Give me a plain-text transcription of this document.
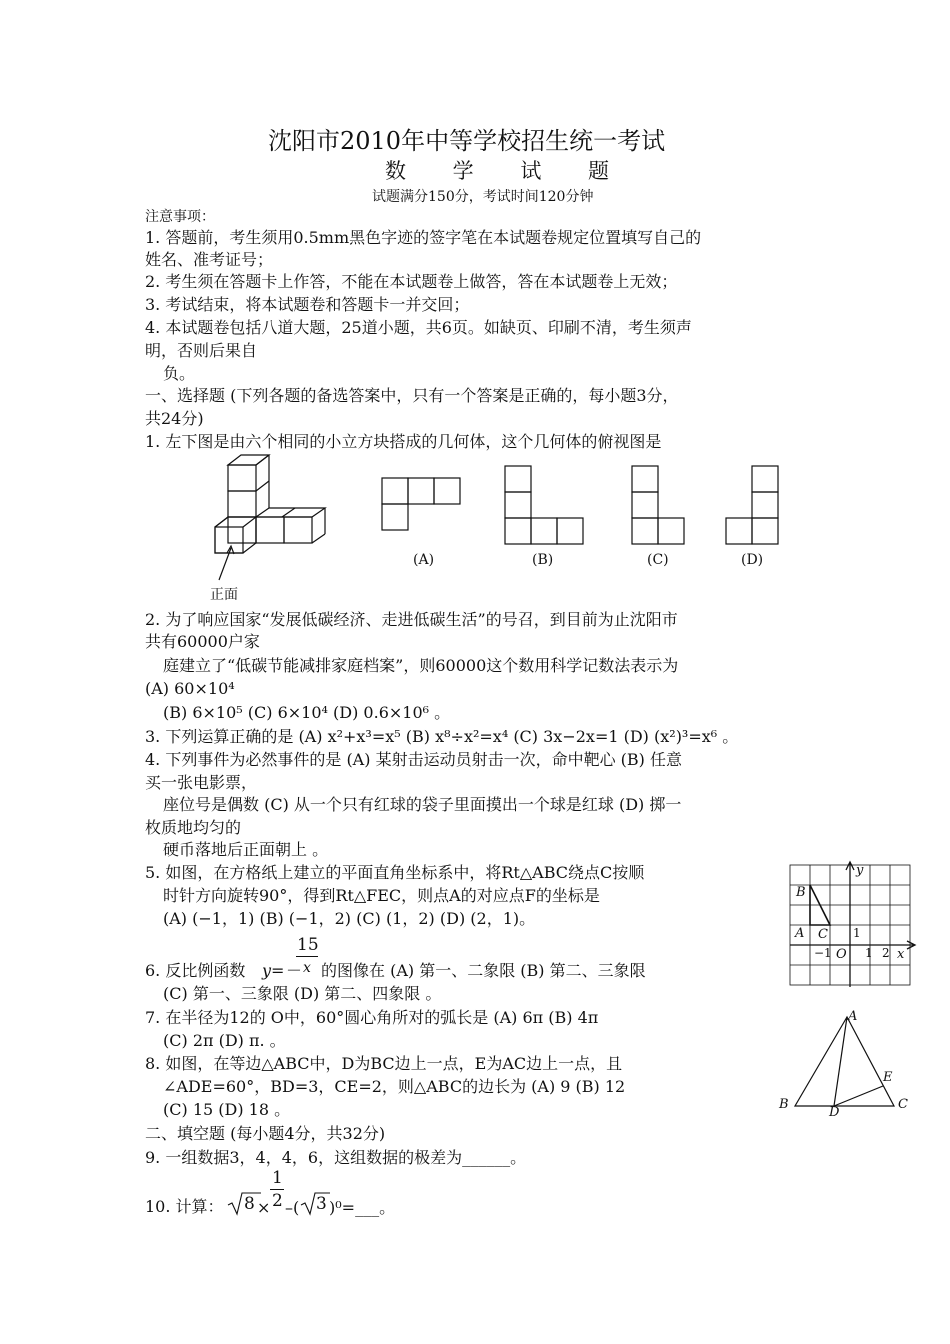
沈阳市2010年中等学校招生统一考试
数 学 试 题
试题满分150分，考试时间120分钟
注意事项：
1. 答题前，考生须用0.5mm黑色字迹的签字笔在本试题卷规定位置填写自己的
姓名、准考证号；
2. 考生须在答题卡上作答，不能在本试题卷上做答，答在本试题卷上无效；
3. 考试结束，将本试题卷和答题卡一并交回；
4. 本试题卷包括八道大题，25道小题，共6页。如缺页、印刷不清，考生须声
明，否则后果自
负。
一、选择题 (下列各题的备选答案中，只有一个答案是正确的，每小题3分，
共24分)
1. 左下图是由六个相同的小立方块搭成的几何体，这个几何体的俯视图是
正面
(A)	(B)	(C)	(D)
2. 为了响应国家“发展低碳经济、走进低碳生活”的号召，到目前为止沈阳市
共有60000户家
庭建立了“低碳节能减排家庭档案”，则60000这个数用科学记数法表示为
(A) 60×10⁴
(B) 6×10⁵ (C) 6×10⁴ (D) 0.6×10⁶ 。
3. 下列运算正确的是 (A) x²+x³=x⁵ (B) x⁸÷x²=x⁴ (C) 3x−2x=1 (D) (x²)³=x⁶ 。
4. 下列事件为必然事件的是 (A) 某射击运动员射击一次，命中靶心 (B) 任意
买一张电影票，
座位号是偶数 (C) 从一个只有红球的袋子里面摸出一个球是红球 (D) 掷一
枚质地均匀的
硬币落地后正面朝上 。
5. 如图，在方格纸上建立的平面直角坐标系中，将Rt△ABC绕点C按顺
时针方向旋转90°，得到Rt△FEC，则点A的对应点F的坐标是
(A) (−1，1) (B) (−1，2) (C) (1，2) (D) (2，1)。
y
x
B
A C
O
−1
1
1 2
6. 反比例函数 y=－
15
x 的图像在 (A) 第一、二象限 (B) 第二、三象限
(C) 第一、三象限 (D) 第二、四象限 。
7. 在半径为12的 O中，60°圆心角所对的弧长是 (A) 6π (B) 4π
(C) 2π (D) π. 。
8. 如图，在等边△ABC中，D为BC边上一点，E为AC边上一点，且
∠ADE=60°，BD=3，CE=2，则△ABC的边长为 (A) 9 (B) 12
(C) 15 (D) 18 。
A
B	C
D
E
二、填空题 (每小题4分，共32分)
9. 一组数据3，4，4，6，这组数据的极差为______。
10. 计算： 8 ×
1
2 –( 3 )⁰=___。
